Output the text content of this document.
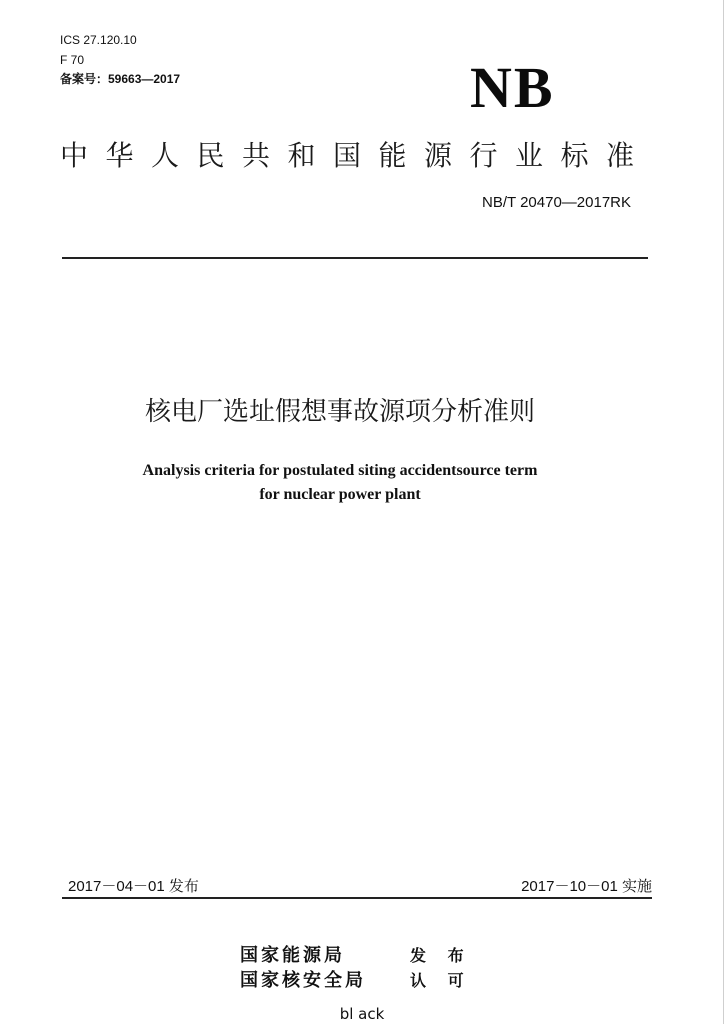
ICS 27.120.10
F 70
备案号：59663—2017	NB
中华人民共和国能源行业标准
NB/T 20470—2017RK
核电厂选址假想事故源项分析准则
Analysis criteria for postulated siting accidentsource term
for nuclear power plant
2017－04－01 发布	2017－10－01 实施
国家能源局	发 布
国家核安全局	认 可
bl ack
